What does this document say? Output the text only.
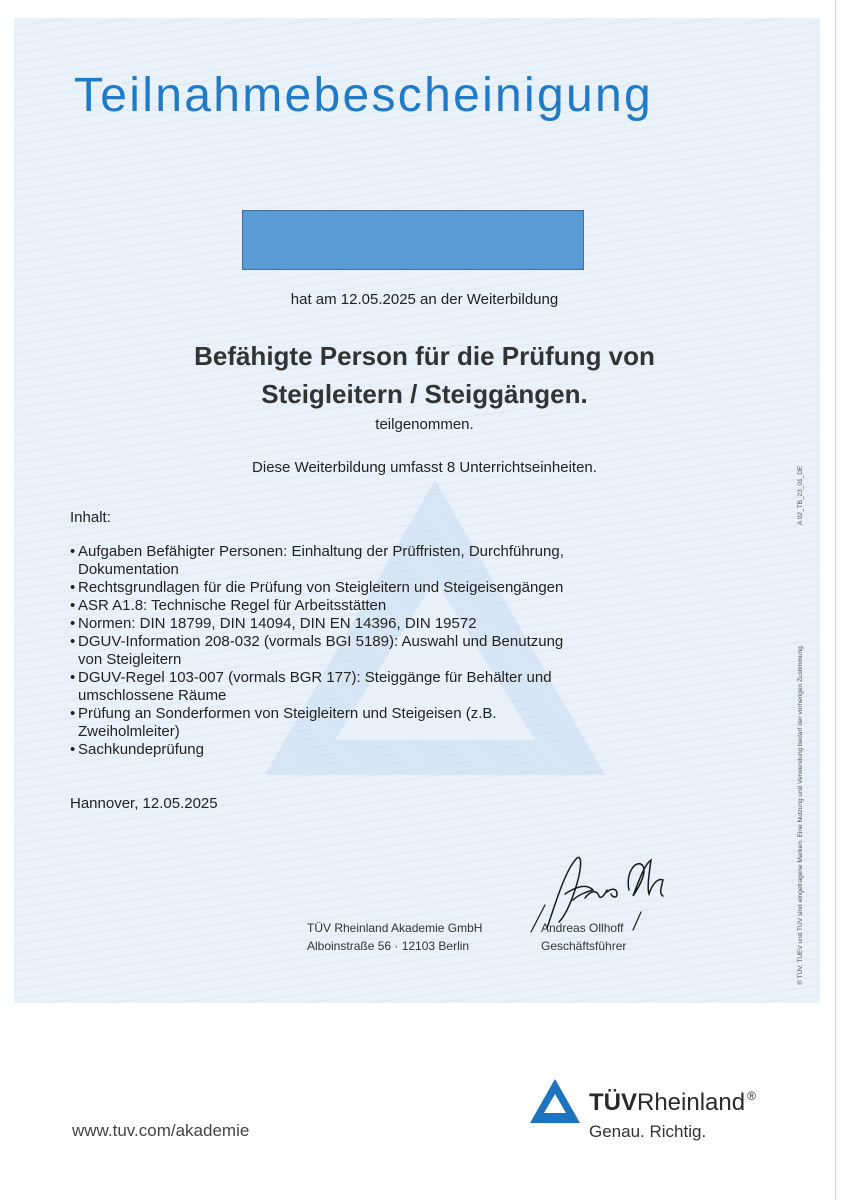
Teilnahmebescheinigung

hat am 12.05.2025 an der Weiterbildung

Befähigte Person für die Prüfung von
Steigleitern / Steiggängen.

teilgenommen.

Diese Weiterbildung umfasst 8 Unterrichtseinheiten.

Inhalt:

• Aufgaben Befähigter Personen: Einhaltung der Prüffristen, Durchführung, Dokumentation
• Rechtsgrundlagen für die Prüfung von Steigleitern und Steigeisengängen
• ASR A1.8: Technische Regel für Arbeitsstätten
• Normen: DIN 18799, DIN 14094, DIN EN 14396, DIN 19572
• DGUV-Information 208-032 (vormals BGI 5189): Auswahl und Benutzung von Steigleitern
• DGUV-Regel 103-007 (vormals BGR 177): Steiggänge für Behälter und umschlossene Räume
• Prüfung an Sonderformen von Steigleitern und Steigeisen (z.B. Zweiholmleiter)
• Sachkundeprüfung

Hannover, 12.05.2025

TÜV Rheinland Akademie GmbH
Alboinstraße 56 · 12103 Berlin
Andreas Ollhoff
Geschäftsführer

www.tuv.com/akademie

TÜVRheinland ®

Genau. Richtig.

® TÜV, TUEV und TUV sind eingetragene Marken. Eine Nutzung und Verwendung bedarf der vorherigen Zustimmung.
A 02_TB_23_01_DE
